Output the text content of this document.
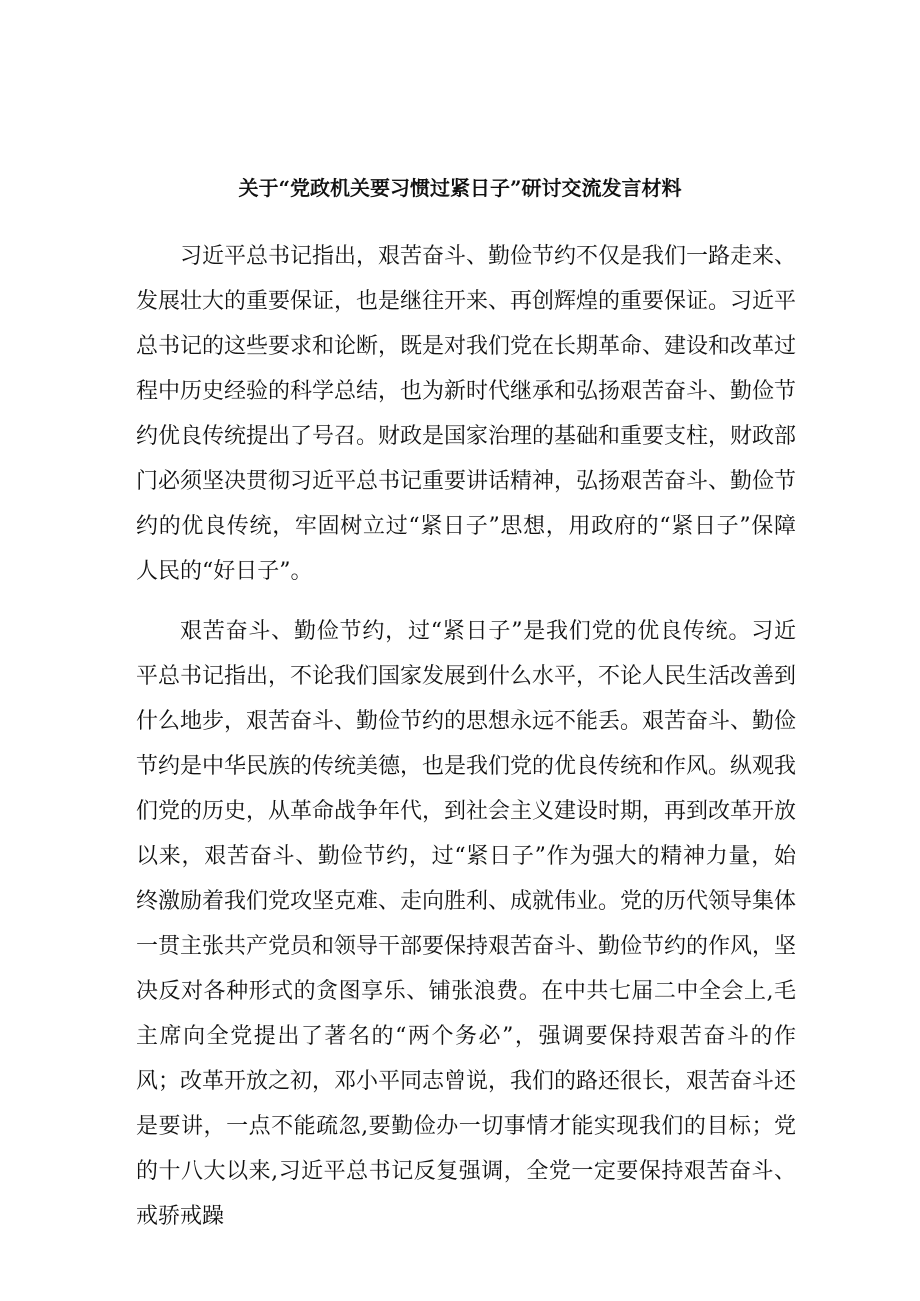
关于“党政机关要习惯过紧日子”研讨交流发言材料

习近平总书记指出，艰苦奋斗、勤俭节约不仅是我们一路走来、发展壮大的重要保证，也是继往开来、再创辉煌的重要保证。习近平总书记的这些要求和论断，既是对我们党在长期革命、建设和改革过程中历史经验的科学总结，也为新时代继承和弘扬艰苦奋斗、勤俭节约优良传统提出了号召。财政是国家治理的基础和重要支柱，财政部门必须坚决贯彻习近平总书记重要讲话精神，弘扬艰苦奋斗、勤俭节约的优良传统，牢固树立过“紧日子”思想，用政府的“紧日子”保障人民的“好日子”。

艰苦奋斗、勤俭节约，过“紧日子”是我们党的优良传统。习近平总书记指出，不论我们国家发展到什么水平，不论人民生活改善到什么地步，艰苦奋斗、勤俭节约的思想永远不能丢。艰苦奋斗、勤俭节约是中华民族的传统美德，也是我们党的优良传统和作风。纵观我们党的历史，从革命战争年代，到社会主义建设时期，再到改革开放以来，艰苦奋斗、勤俭节约，过“紧日子”作为强大的精神力量，始终激励着我们党攻坚克难、走向胜利、成就伟业。党的历代领导集体一贯主张共产党员和领导干部要保持艰苦奋斗、勤俭节约的作风，坚决反对各种形式的贪图享乐、铺张浪费。在中共七届二中全会上,毛主席向全党提出了著名的“两个务必”，强调要保持艰苦奋斗的作风；改革开放之初，邓小平同志曾说，我们的路还很长，艰苦奋斗还是要讲，一点不能疏忽,要勤俭办一切事情才能实现我们的目标；党的十八大以来,习近平总书记反复强调，全党一定要保持艰苦奋斗、戒骄戒躁
